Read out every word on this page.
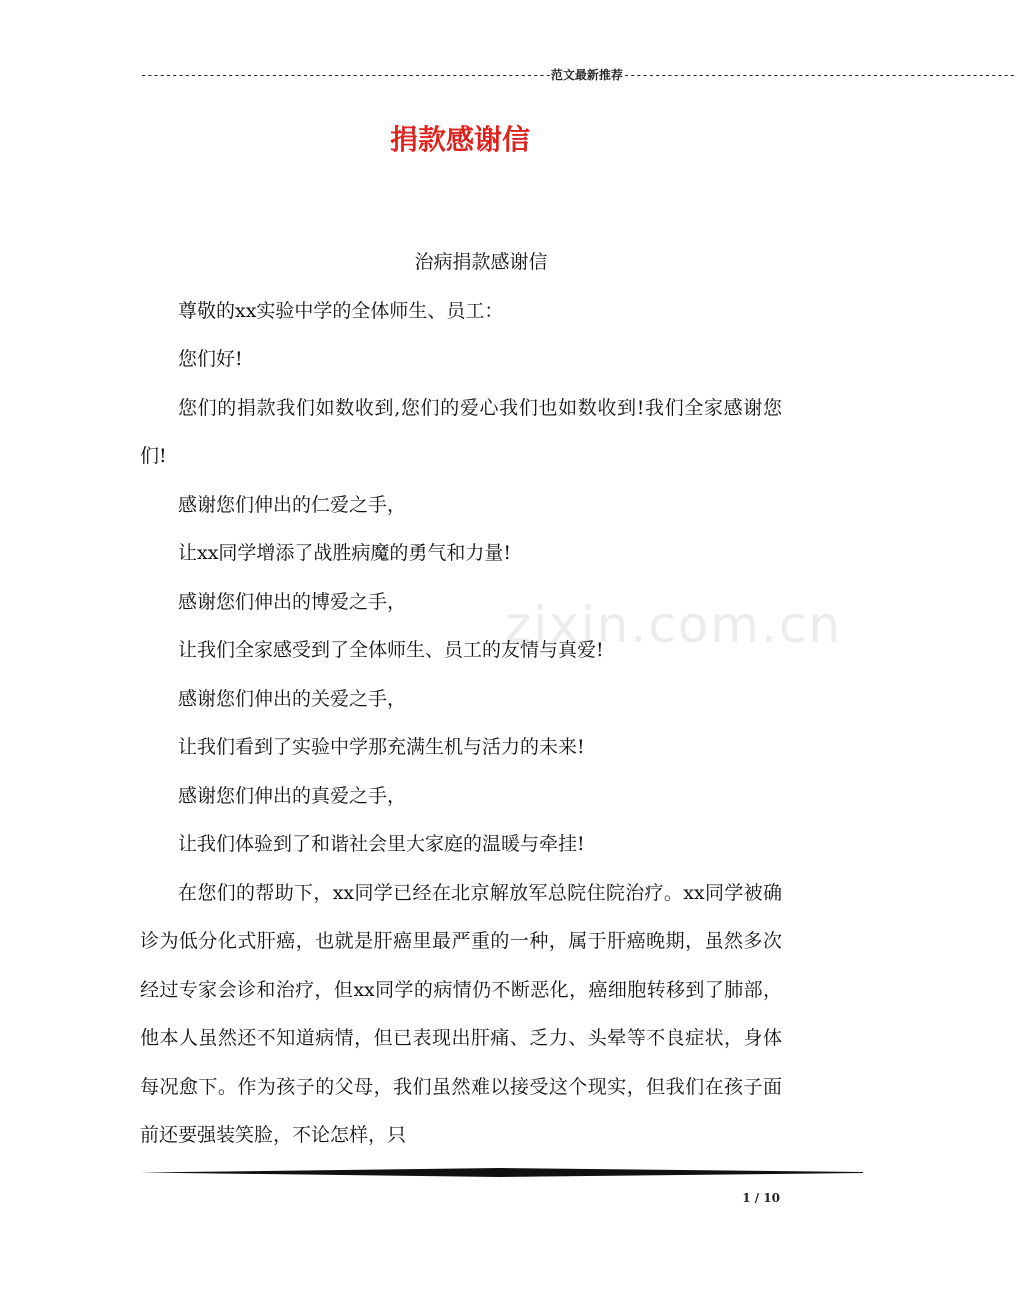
------------------------------------------------------------------范文最新推荐---------------------------------------------------------------
捐款感谢信
zixin.com.cn

治病捐款感谢信

尊敬的xx实验中学的全体师生、员工：

您们好!

您们的捐款我们如数收到,您们的爱心我们也如数收到!我们全家感谢您们!

感谢您们伸出的仁爱之手，

让xx同学增添了战胜病魔的勇气和力量!

感谢您们伸出的博爱之手，

让我们全家感受到了全体师生、员工的友情与真爱!

感谢您们伸出的关爱之手，

让我们看到了实验中学那充满生机与活力的未来!

感谢您们伸出的真爱之手，

让我们体验到了和谐社会里大家庭的温暖与牵挂!

在您们的帮助下，xx同学已经在北京解放军总院住院治疗。xx同学被确诊为低分化式肝癌，也就是肝癌里最严重的一种，属于肝癌晚期，虽然多次经过专家会诊和治疗，但xx同学的病情仍不断恶化，癌细胞转移到了肺部，他本人虽然还不知道病情，但已表现出肝痛、乏力、头晕等不良症状，身体每况愈下。作为孩子的父母，我们虽然难以接受这个现实，但我们在孩子面前还要强装笑脸，不论怎样，只

1 / 10
